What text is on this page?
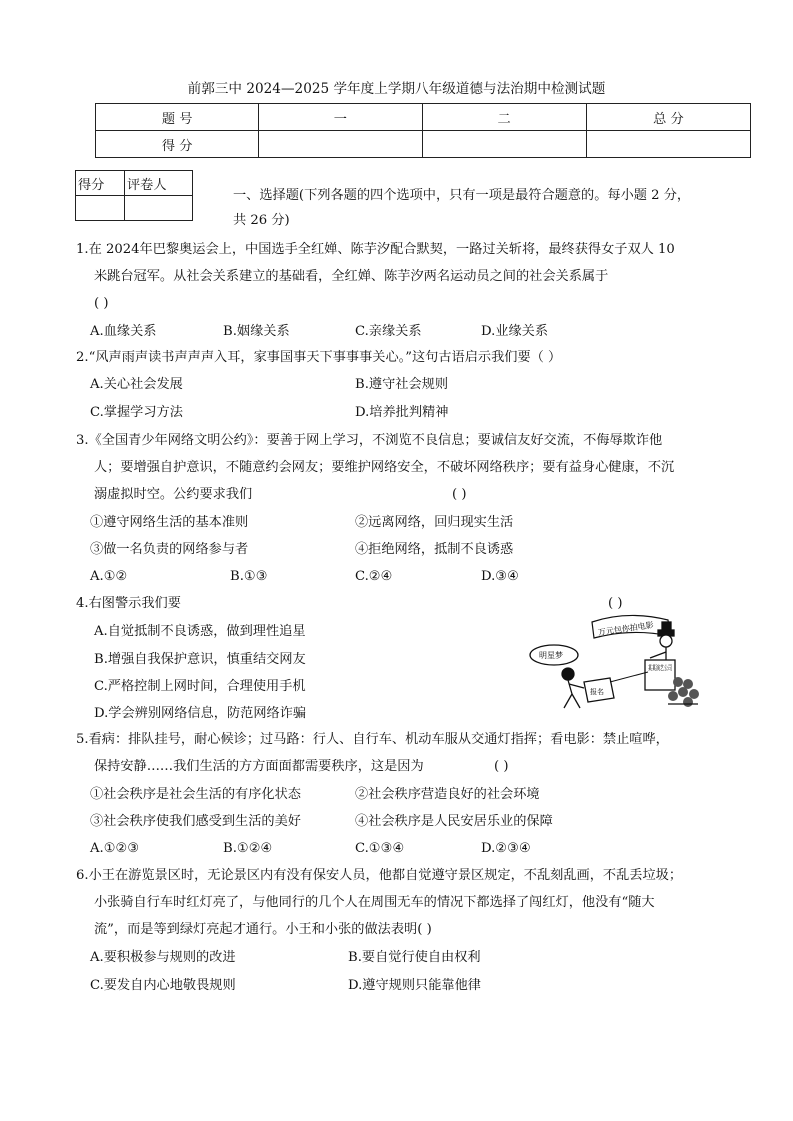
前郭三中 2024—2025 学年度上学期八年级道德与法治期中检测试题
题 号	一	二	总 分
得 分			
得分	评卷人

一、选择题(下列各题的四个选项中，只有一项是最符合题意的。每小题 2 分，
共 26 分)
1.在 2024年巴黎奥运会上，中国选手全红婵、陈芋汐配合默契，一路过关斩将，最终获得女子双人 10
米跳台冠军。从社会关系建立的基础看，全红婵、陈芋汐两名运动员之间的社会关系属于
( )
A.血缘关系	B.姻缘关系	C.亲缘关系	D.业缘关系
2.“风声雨声读书声声声入耳，家事国事天下事事事关心。”这句古语启示我们要（ ）
A.关心社会发展	B.遵守社会规则
C.掌握学习方法	D.培养批判精神
3.《全国青少年网络文明公约》：要善于网上学习，不浏览不良信息；要诚信友好交流，不侮辱欺诈他
人；要增强自护意识，不随意约会网友；要维护网络安全，不破坏网络秩序；要有益身心健康，不沉
溺虚拟时空。公约要求我们	( )
①遵守网络生活的基本准则	②远离网络，回归现实生活
③做一名负责的网络参与者	④拒绝网络，抵制不良诱惑
A.①②	B.①③	C.②④	D.③④
4.右图警示我们要	( )
A.自觉抵制不良诱惑，做到理性追星
B.增强自我保护意识，慎重结交网友
C.严格控制上网时间，合理使用手机
D.学会辨别网络信息，防范网络诈骗
万元包你拍电影
某某演艺公司
明星梦
报名
5.看病：排队挂号，耐心候诊；过马路：行人、自行车、机动车服从交通灯指挥；看电影：禁止喧哗，
保持安静……我们生活的方方面面都需要秩序，这是因为	( )
①社会秩序是社会生活的有序化状态	②社会秩序营造良好的社会环境
③社会秩序使我们感受到生活的美好	④社会秩序是人民安居乐业的保障
A.①②③	B.①②④	C.①③④	D.②③④
6.小王在游览景区时，无论景区内有没有保安人员，他都自觉遵守景区规定，不乱刻乱画，不乱丢垃圾；
小张骑自行车时红灯亮了，与他同行的几个人在周围无车的情况下都选择了闯红灯，他没有“随大
流”，而是等到绿灯亮起才通行。小王和小张的做法表明( )
A.要积极参与规则的改进	B.要自觉行使自由权利
C.要发自内心地敬畏规则	D.遵守规则只能靠他律
